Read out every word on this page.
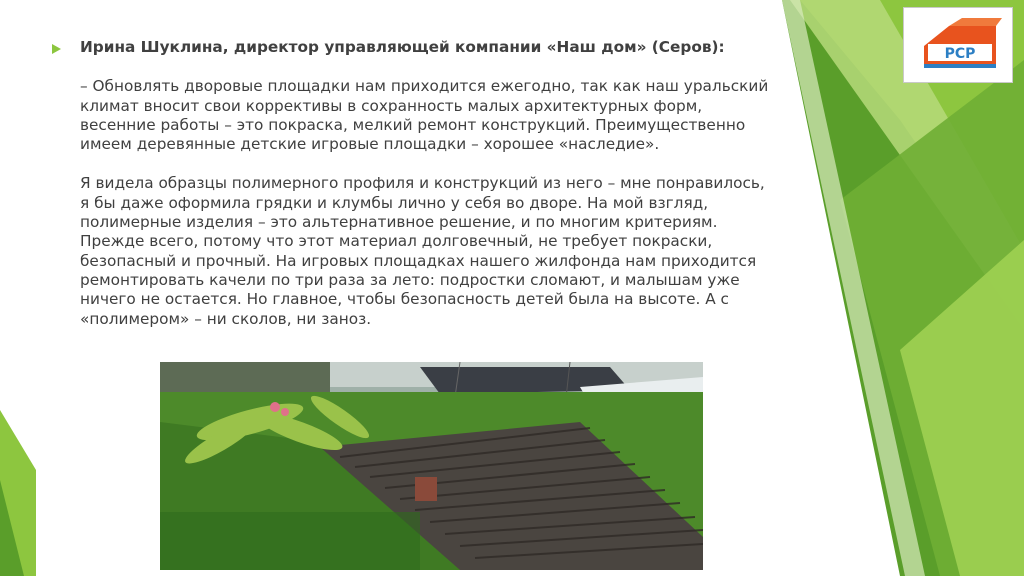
Ирина Шуклина, директор управляющей компании «Наш дом» (Серов):

– Обновлять дворовые площадки нам приходится ежегодно, так как наш уральский климат вносит свои коррективы в сохранность малых архитектурных форм, весенние работы – это покраска, мелкий ремонт конструкций. Преимущественно имеем деревянные детские игровые площадки – хорошее «наследие».

Я видела образцы полимерного профиля и конструкций из него – мне понравилось, я бы даже оформила грядки и клумбы лично у себя во дворе. На мой взгляд, полимерные изделия – это альтернативное решение, и по многим критериям. Прежде всего, потому что этот материал долговечный, не требует покраски, безопасный и прочный. На игровых площадках нашего жилфонда нам приходится ремонтировать качели по три раза за лето: подростки сломают, и малышам уже ничего не остается. Но главное, чтобы безопасность детей была на высоте. А с «полимером» – ни сколов, ни заноз.

PCP
